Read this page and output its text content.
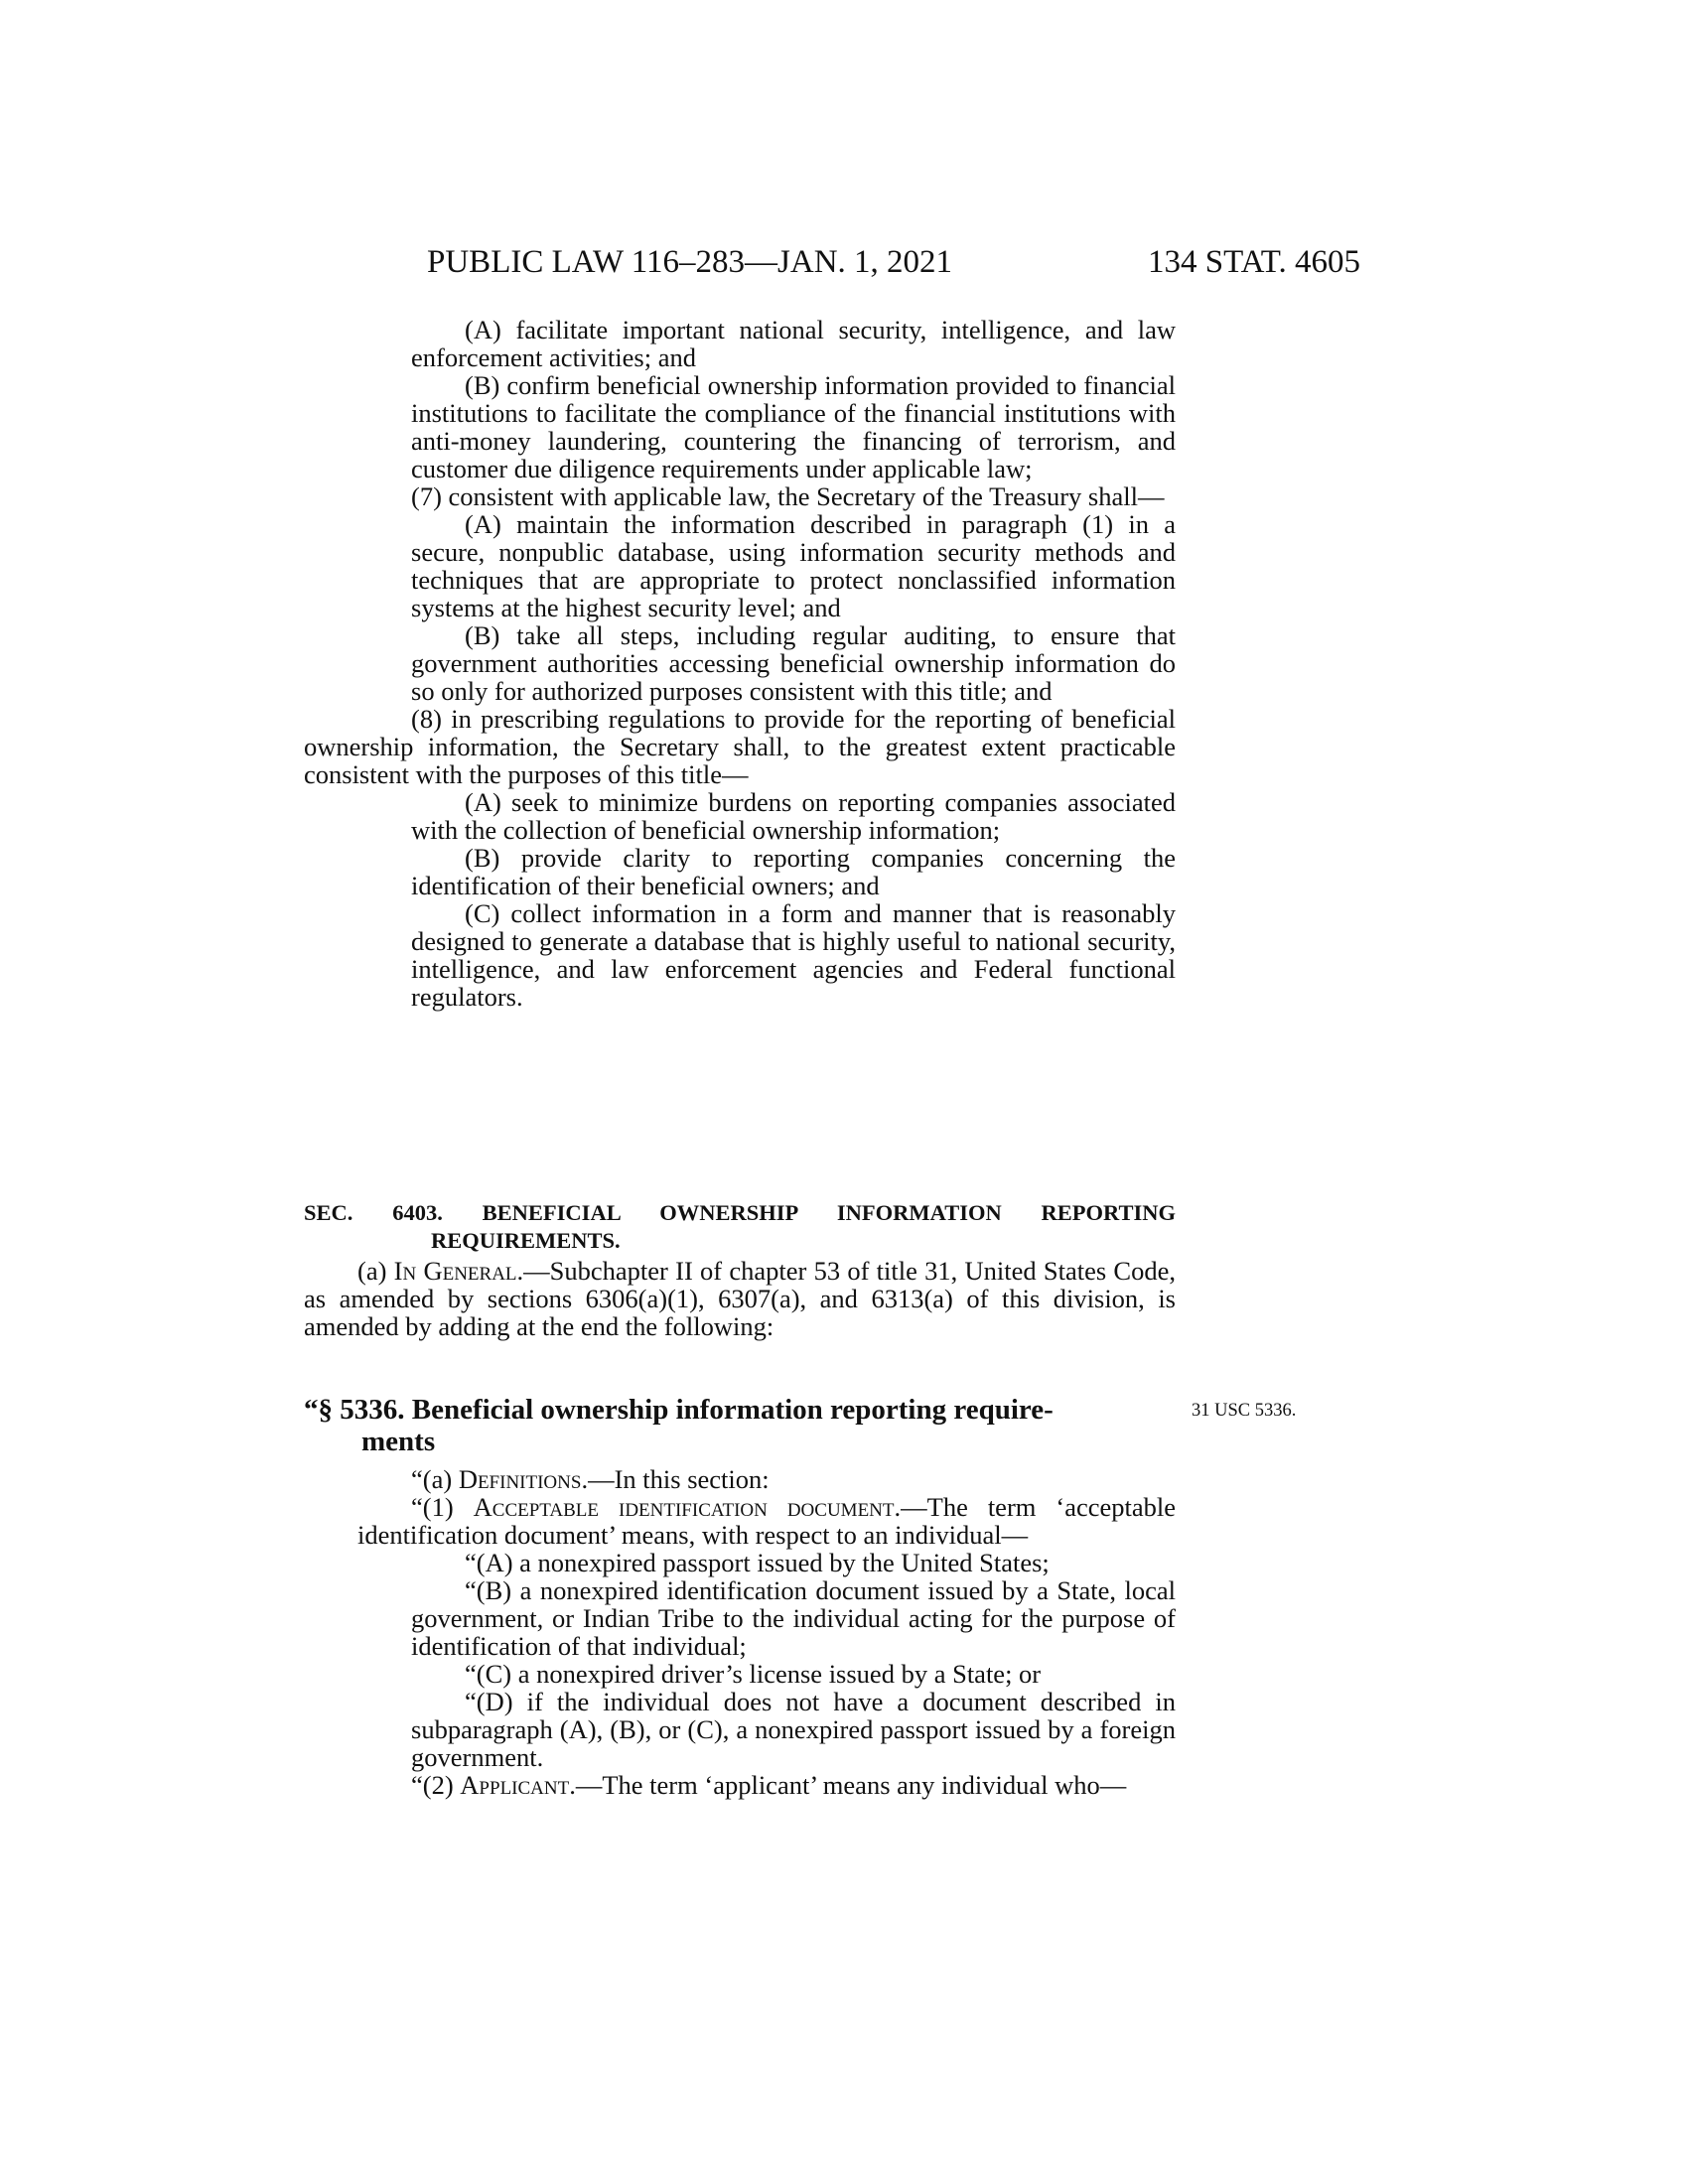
PUBLIC LAW 116–283—JAN. 1, 2021	134 STAT. 4605

(A) facilitate important national security, intelligence, and law enforcement activities; and

(B) confirm beneficial ownership information provided to financial institutions to facilitate the compliance of the financial institutions with anti-money laundering, countering the financing of terrorism, and customer due diligence requirements under applicable law;

(7) consistent with applicable law, the Secretary of the Treasury shall—

(A) maintain the information described in paragraph (1) in a secure, nonpublic database, using information security methods and techniques that are appropriate to protect nonclassified information systems at the highest security level; and

(B) take all steps, including regular auditing, to ensure that government authorities accessing beneficial ownership information do so only for authorized purposes consistent with this title; and

(8) in prescribing regulations to provide for the reporting of beneficial ownership information, the Secretary shall, to the greatest extent practicable consistent with the purposes of this title—

(A) seek to minimize burdens on reporting companies associated with the collection of beneficial ownership information;

(B) provide clarity to reporting companies concerning the identification of their beneficial owners; and

(C) collect information in a form and manner that is reasonably designed to generate a database that is highly useful to national security, intelligence, and law enforcement agencies and Federal functional regulators.

SEC. 6403. BENEFICIAL OWNERSHIP INFORMATION REPORTING
REQUIREMENTS.

(a) In General.—Subchapter II of chapter 53 of title 31, United States Code, as amended by sections 6306(a)(1), 6307(a), and 6313(a) of this division, is amended by adding at the end the following:

“§ 5336. Beneficial ownership information reporting require-
ments
31 USC 5336.

“(a) Definitions.—In this section:

“(1) Acceptable identification document.—The term ‘acceptable identification document’ means, with respect to an individual—

“(A) a nonexpired passport issued by the United States;

“(B) a nonexpired identification document issued by a State, local government, or Indian Tribe to the individual acting for the purpose of identification of that individual;

“(C) a nonexpired driver’s license issued by a State; or

“(D) if the individual does not have a document described in subparagraph (A), (B), or (C), a nonexpired passport issued by a foreign government.

“(2) Applicant.—The term ‘applicant’ means any individual who—
